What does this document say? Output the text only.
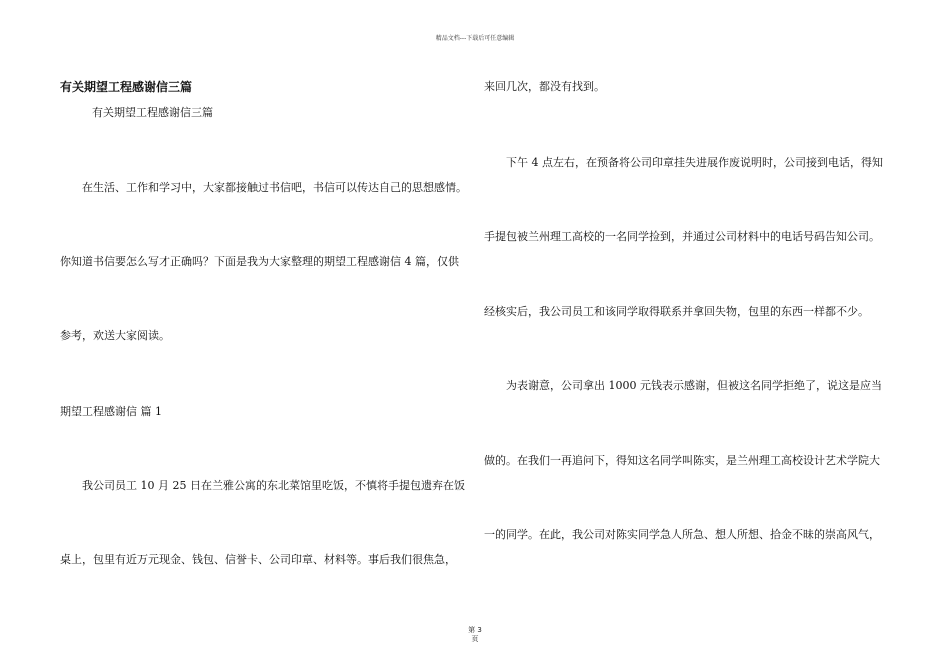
精品文档---下载后可任意编辑
有关期望工程感谢信三篇
有关期望工程感谢信三篇
在生活、工作和学习中，大家都接触过书信吧，书信可以传达自己的思想感情。
你知道书信要怎么写才正确吗？下面是我为大家整理的期望工程感谢信 4 篇，仅供
参考，欢送大家阅读。
期望工程感谢信 篇 1
我公司员工 10 月 25 日在兰雅公寓的东北菜馆里吃饭，不慎将手提包遗弃在饭
桌上，包里有近万元现金、钱包、信誉卡、公司印章、材料等。事后我们很焦急，
来回几次，都没有找到。
下午 4 点左右，在预备将公司印章挂失进展作废说明时，公司接到电话，得知
手提包被兰州理工高校的一名同学捡到，并通过公司材料中的电话号码告知公司。
经核实后，我公司员工和该同学取得联系并拿回失物，包里的东西一样都不少。
为表谢意，公司拿出 1000 元钱表示感谢，但被这名同学拒绝了，说这是应当
做的。在我们一再追问下，得知这名同学叫陈实，是兰州理工高校设计艺术学院大
一的同学。在此，我公司对陈实同学急人所急、想人所想、拾金不昧的崇高风气，
第 3
页
